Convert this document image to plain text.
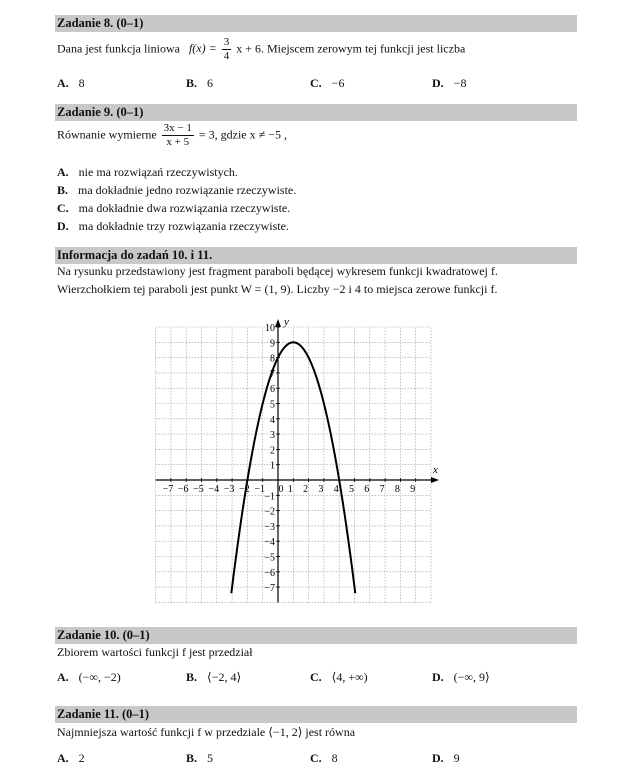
Zadanie 8. (0–1)
Dana jest funkcja liniowa $f(x) = \frac{3}{4}$ x + 6. Miejscem zerowym tej funkcji jest liczba
A. 8	B. 6	C. −6	D. −8
Zadanie 9. (0–1)
Równanie wymierne $\frac{3x - 1}{x + 5} = 3$, gdzie x ≠ −5 ,
A. nie ma rozwiązań rzeczywistych.
B. ma dokładnie jedno rozwiązanie rzeczywiste.
C. ma dokładnie dwa rozwiązania rzeczywiste.
D. ma dokładnie trzy rozwiązania rzeczywiste.
Informacja do zadań 10. i 11.
Na rysunku przedstawiony jest fragment paraboli będącej wykresem funkcji kwadratowej f.
Wierzchołkiem tej paraboli jest punkt W = (1, 9). Liczby −2 i 4 to miejsca zerowe funkcji f.
x
y
−7 −6 −5 −4 −3 −2 −1 0 1 2 3 4 5 6 7 8 9
10
9
8
7
6
5
4
3
2
1
−1
−2
−3
−4
−5
−6
−7
Zadanie 10. (0–1)
Zbiorem wartości funkcji f jest przedział
A. (−∞, −2)	B. ⟨−2, 4⟩	C. ⟨4, +∞)	D. (−∞, 9⟩
Zadanie 11. (0–1)
Najmniejsza wartość funkcji f w przedziale ⟨−1, 2⟩ jest równa
A. 2	B. 5	C. 8	D. 9
